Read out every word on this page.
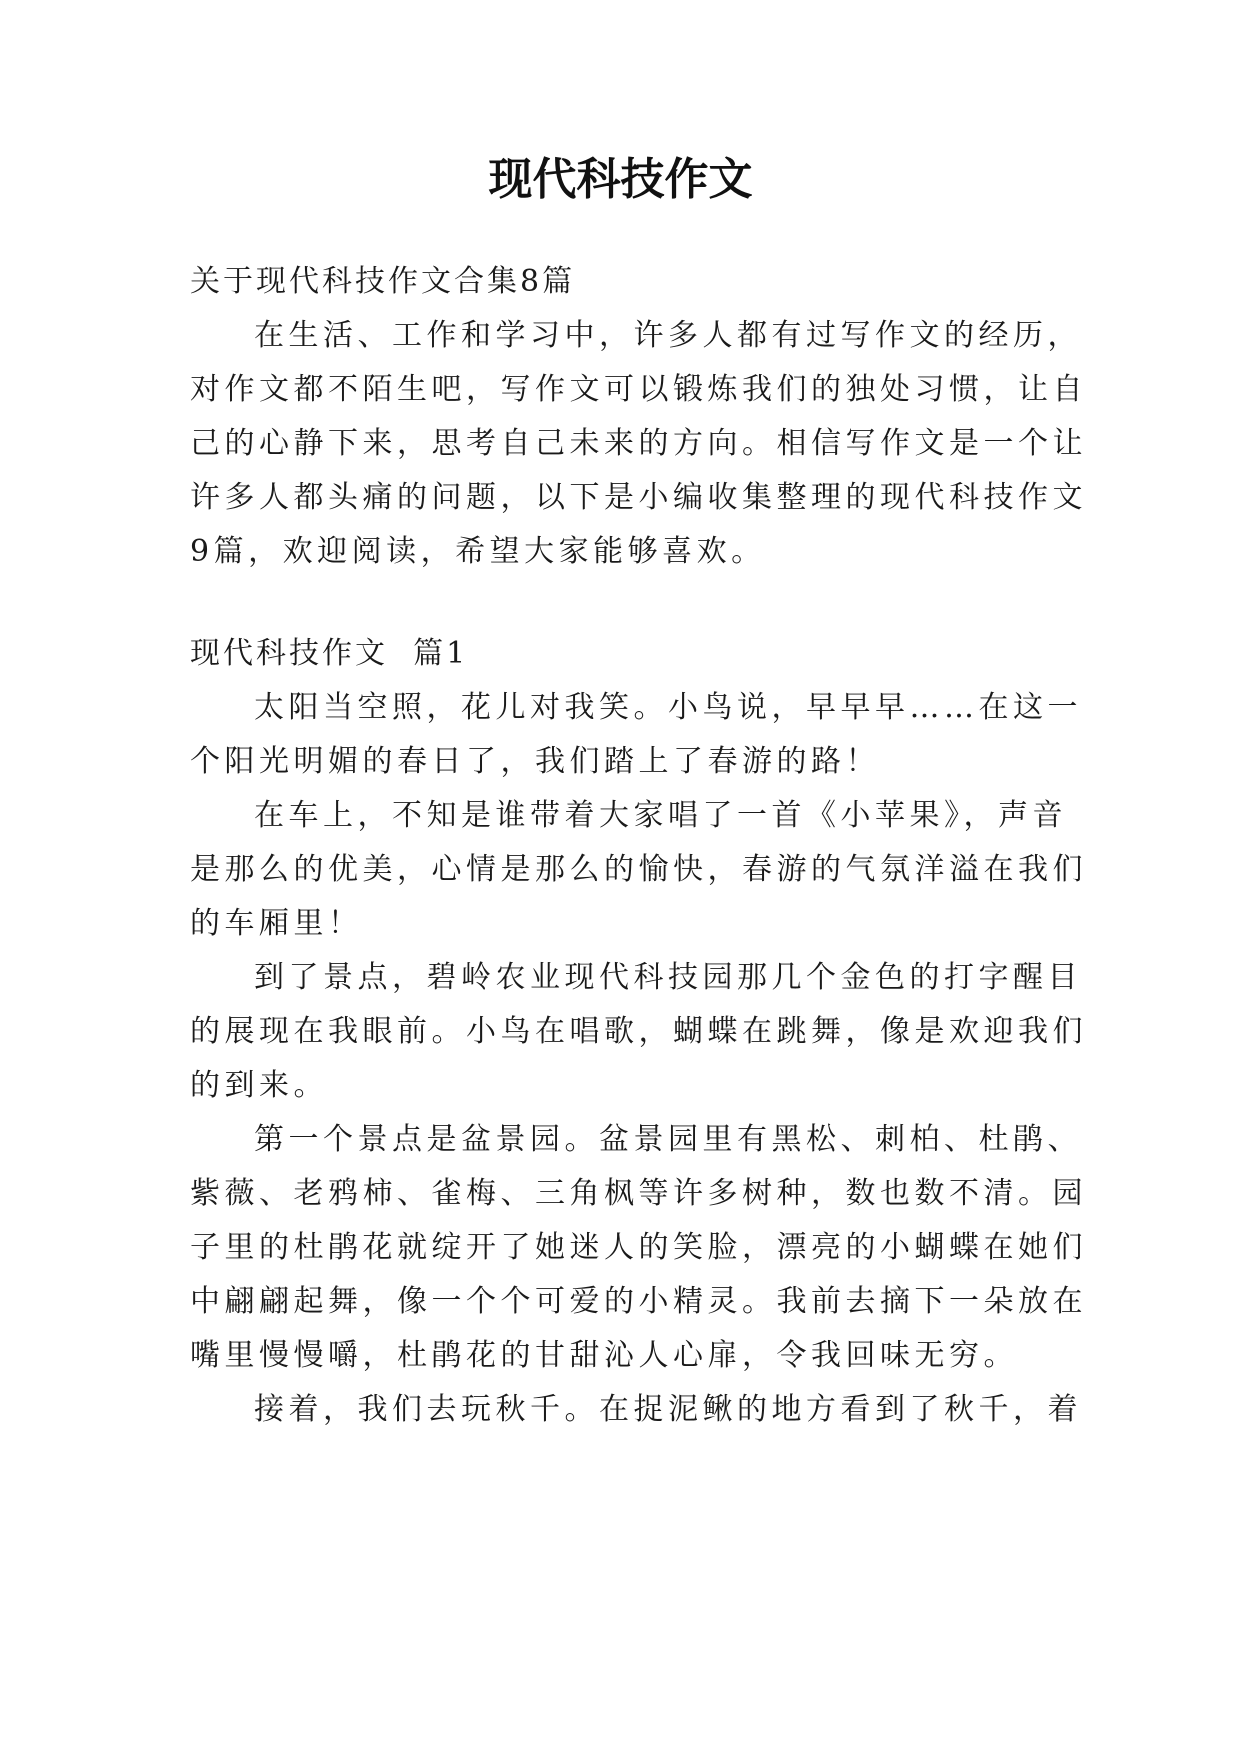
现代科技作文
关于现代科技作文合集8篇
在生活、工作和学习中，许多人都有过写作文的经历，
对作文都不陌生吧，写作文可以锻炼我们的独处习惯，让自
己的心静下来，思考自己未来的方向。相信写作文是一个让
许多人都头痛的问题，以下是小编收集整理的现代科技作文
9篇，欢迎阅读，希望大家能够喜欢。
现代科技作文  篇1
太阳当空照，花儿对我笑。小鸟说，早早早……在这一
个阳光明媚的春日了，我们踏上了春游的路！
在车上，不知是谁带着大家唱了一首《小苹果》，声音
是那么的优美，心情是那么的愉快，春游的气氛洋溢在我们
的车厢里！
到了景点，碧岭农业现代科技园那几个金色的打字醒目
的展现在我眼前。小鸟在唱歌，蝴蝶在跳舞，像是欢迎我们
的到来。
第一个景点是盆景园。盆景园里有黑松、刺柏、杜鹃、
紫薇、老鸦柿、雀梅、三角枫等许多树种，数也数不清。园
子里的杜鹃花就绽开了她迷人的笑脸，漂亮的小蝴蝶在她们
中翩翩起舞，像一个个可爱的小精灵。我前去摘下一朵放在
嘴里慢慢嚼，杜鹃花的甘甜沁人心扉，令我回味无穷。
接着，我们去玩秋千。在捉泥鳅的地方看到了秋千，着
